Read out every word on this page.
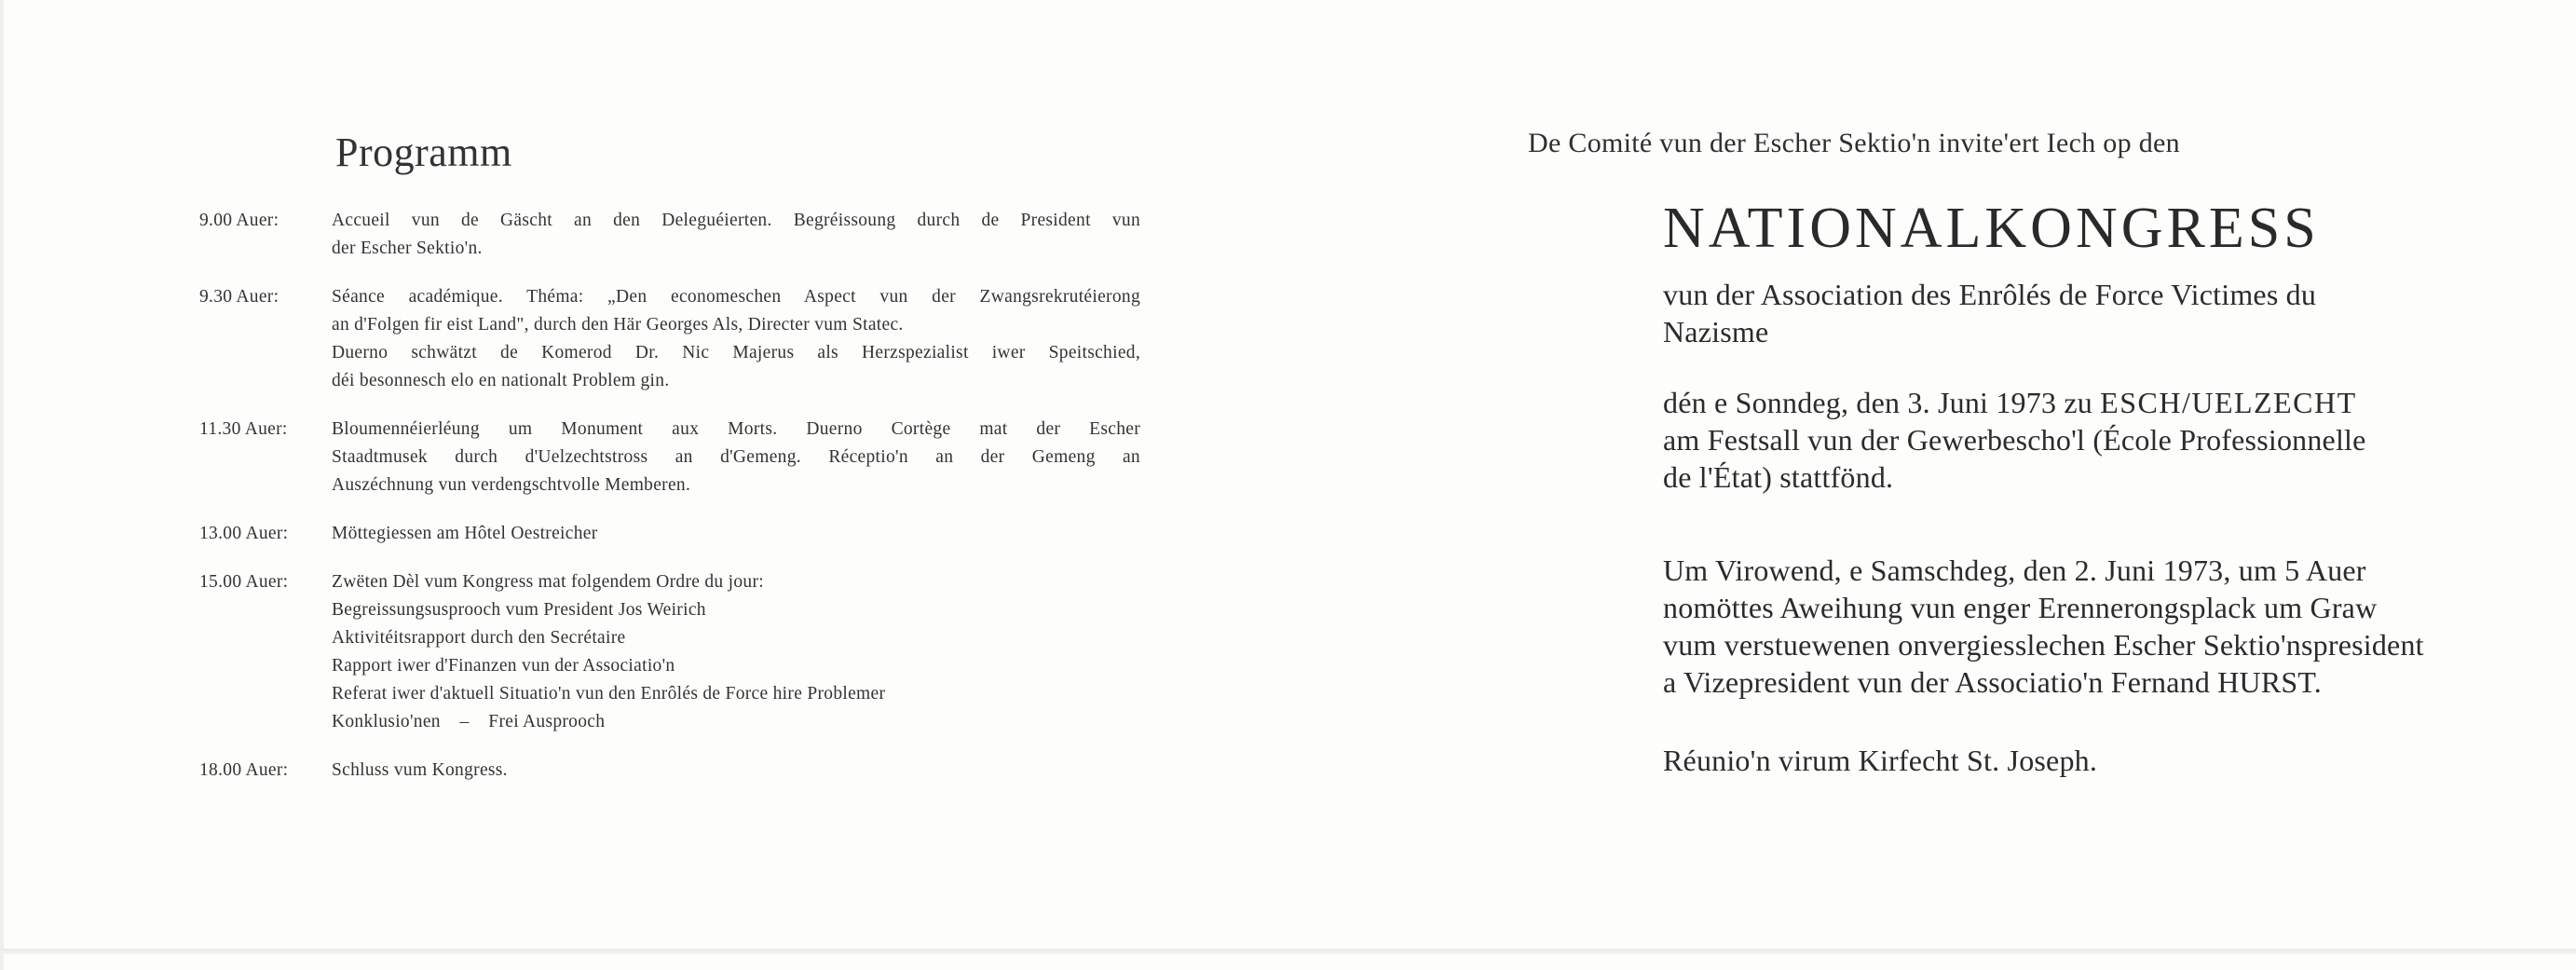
Programm
9.00 Auer:	Accueil vun de Gäscht an den Deleguéierten. Begréissoung durch de President vun
der Escher Sektio'n.
9.30 Auer:	Séance académique. Théma: „Den economeschen Aspect vun der Zwangsrekrutéierong
an d'Folgen fir eist Land", durch den Här Georges Als, Directer vum Statec.
Duerno schwätzt de Komerod Dr. Nic Majerus als Herzspezialist iwer Speitschied,
déi besonnesch elo en nationalt Problem gin.
11.30 Auer:	Bloumennéierléung um Monument aux Morts. Duerno Cortège mat der Escher
Staadtmusek durch d'Uelzechtstross an d'Gemeng. Réceptio'n an der Gemeng an
Auszéchnung vun verdengschtvolle Memberen.
13.00 Auer:	Möttegiessen am Hôtel Oestreicher
15.00 Auer:	Zwëten Dèl vum Kongress mat folgendem Ordre du jour:
Begreissungsusprooch vum President Jos Weirich
Aktivitéitsrapport durch den Secrétaire
Rapport iwer d'Finanzen vun der Associatio'n
Referat iwer d'aktuell Situatio'n vun den Enrôlés de Force hire Problemer
Konklusio'nen – Frei Ausprooch
18.00 Auer:	Schluss vum Kongress.
De Comité vun der Escher Sektio'n invite'ert Iech op den
NATIONALKONGRESS
vun der Association des Enrôlés de Force Victimes du
Nazisme
dén e Sonndeg, den 3. Juni 1973 zu ESCH/UELZECHT
am Festsall vun der Gewerbescho'l (École Professionnelle
de l'État) stattfönd.
Um Virowend, e Samschdeg, den 2. Juni 1973, um 5 Auer
nomöttes Aweihung vun enger Erennerongsplack um Graw
vum verstuewenen onvergiesslechen Escher Sektio'nspresident
a Vizepresident vun der Associatio'n Fernand HURST.
Réunio'n virum Kirfecht St. Joseph.
